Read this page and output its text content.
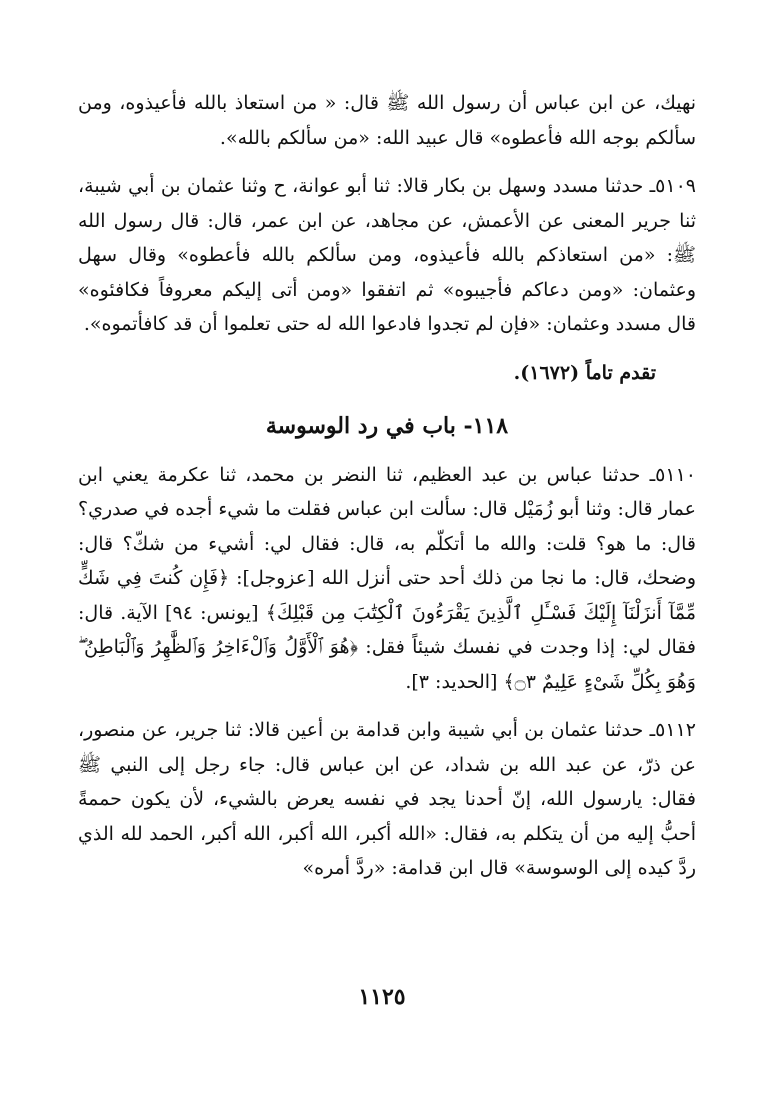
نهيك، عن ابن عباس أن رسول الله ﷺ قال: « من استعاذ بالله فأعيذوه، ومن سألكم بوجه الله فأعطوه» قال عبيد الله: «من سألكم بالله».

٥١٠٩ـ حدثنا مسدد وسهل بن بكار قالا: ثنا أبو عوانة، ح وثنا عثمان بن أبي شيبة، ثنا جرير المعنى عن الأعمش، عن مجاهد، عن ابن عمر، قال: قال رسول الله ﷺ: «من استعاذكم بالله فأعيذوه، ومن سألكم بالله فأعطوه» وقال سهل وعثمان: «ومن دعاكم فأجيبوه» ثم اتفقوا «ومن أتى إليكم معروفاً فكافئوه» قال مسدد وعثمان: «فإن لم تجدوا فادعوا الله له حتى تعلموا أن قد كافأتموه».

تقدم تاماً (١٦٧٢).

١١٨- باب في رد الوسوسة

٥١١٠ـ حدثنا عباس بن عبد العظيم، ثنا النضر بن محمد، ثنا عكرمة يعني ابن عمار قال: وثنا أبو زُمَيْل قال: سألت ابن عباس فقلت ما شيء أجده في صدري؟ قال: ما هو؟ قلت: والله ما أتكلّم به، قال: فقال لي: أشيء من شكّ؟ قال: وضحك، قال: ما نجا من ذلك أحد حتى أنزل الله [عزوجل]: ﴿فَإِن كُنتَ فِي شَكٍّ مِّمَّآ أَنزَلْنَآ إِلَيْكَ فَسْـَٔلِ ٱلَّذِينَ يَقْرَءُونَ ٱلْكِتَٰبَ مِن قَبْلِكَ﴾ [يونس: ٩٤] الآية. قال: فقال لي: إذا وجدت في نفسك شيئاً فقل: ﴿هُوَ ٱلْأَوَّلُ وَٱلْءَاخِرُ وَٱلظَّٰهِرُ وَٱلْبَاطِنُ ۖ وَهُوَ بِكُلِّ شَىْءٍ عَلِيمٌ ۝٣﴾ [الحديد: ٣].

٥١١٢ـ حدثنا عثمان بن أبي شيبة وابن قدامة بن أعين قالا: ثنا جرير، عن منصور، عن ذرّ، عن عبد الله بن شداد، عن ابن عباس قال: جاء رجل إلى النبي ﷺ فقال: يارسول الله، إنّ أحدنا يجد في نفسه يعرض بالشيء، لأن يكون حممةً أحبُّ إليه من أن يتكلم به، فقال: «الله أكبر، الله أكبر، الله أكبر، الحمد لله الذي ردَّ كيده إلى الوسوسة» قال ابن قدامة: «ردَّ أمره»

١١٢٥
